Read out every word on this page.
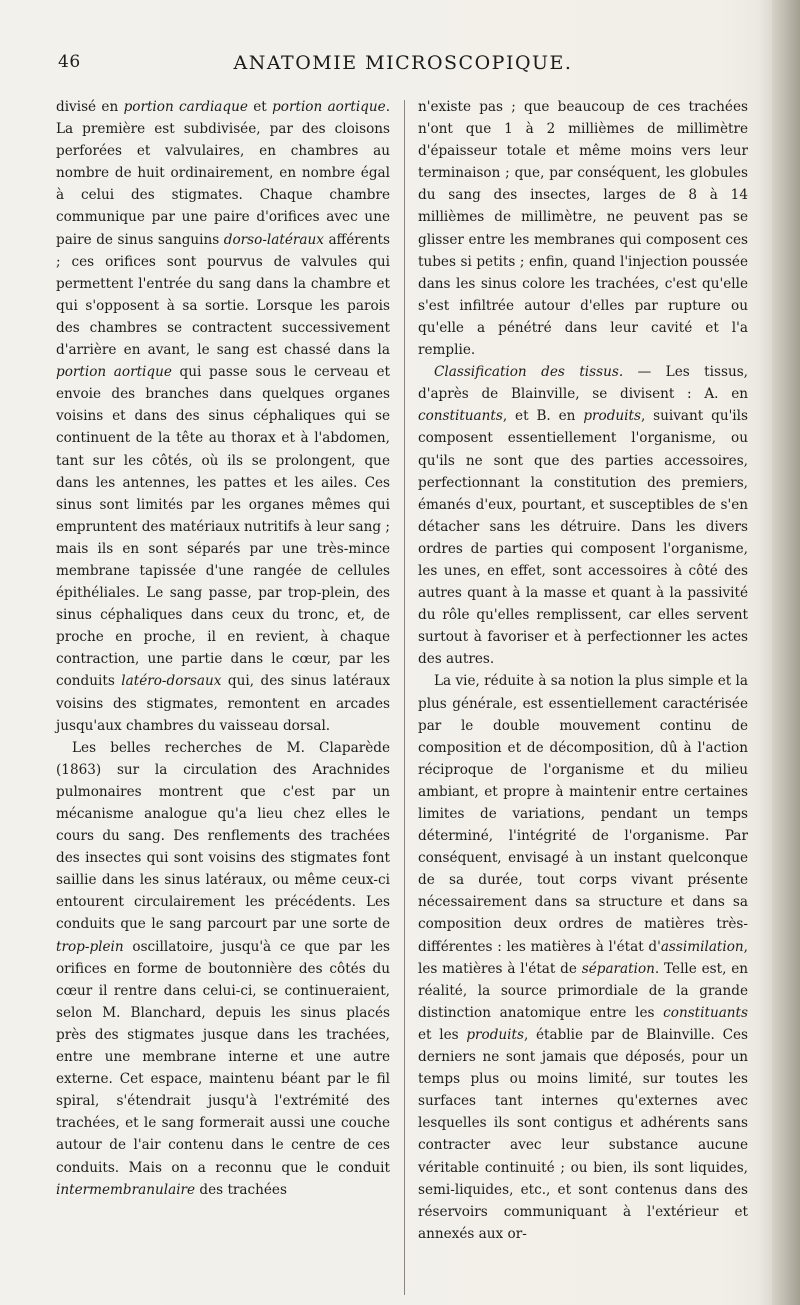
46	ANATOMIE MICROSCOPIQUE.

divisé en portion cardiaque et portion aortique. La première est subdivisée, par des cloisons perforées et valvulaires, en chambres au nombre de huit ordinairement, en nombre égal à celui des stigmates. Chaque chambre communique par une paire d'orifices avec une paire de sinus sanguins dorso-latéraux afférents ; ces orifices sont pourvus de valvules qui permettent l'entrée du sang dans la chambre et qui s'opposent à sa sortie. Lorsque les parois des chambres se contractent successivement d'arrière en avant, le sang est chassé dans la portion aortique qui passe sous le cerveau et envoie des branches dans quelques organes voisins et dans des sinus céphaliques qui se continuent de la tête au thorax et à l'abdomen, tant sur les côtés, où ils se prolongent, que dans les antennes, les pattes et les ailes. Ces sinus sont limités par les organes mêmes qui empruntent des matériaux nutritifs à leur sang ; mais ils en sont séparés par une très-mince membrane tapissée d'une rangée de cellules épithéliales. Le sang passe, par trop-plein, des sinus céphaliques dans ceux du tronc, et, de proche en proche, il en revient, à chaque contraction, une partie dans le cœur, par les conduits latéro-dorsaux qui, des sinus latéraux voisins des stigmates, remontent en arcades jusqu'aux chambres du vaisseau dorsal.

Les belles recherches de M. Claparède (1863) sur la circulation des Arachnides pulmonaires montrent que c'est par un mécanisme analogue qu'a lieu chez elles le cours du sang. Des renflements des trachées des insectes qui sont voisins des stigmates font saillie dans les sinus latéraux, ou même ceux-ci entourent circulairement les précédents. Les conduits que le sang parcourt par une sorte de trop-plein oscillatoire, jusqu'à ce que par les orifices en forme de boutonnière des côtés du cœur il rentre dans celui-ci, se continueraient, selon M. Blanchard, depuis les sinus placés près des stigmates jusque dans les trachées, entre une membrane interne et une autre externe. Cet espace, maintenu béant par le fil spiral, s'étendrait jusqu'à l'extrémité des trachées, et le sang formerait aussi une couche autour de l'air contenu dans le centre de ces conduits. Mais on a reconnu que le conduit intermembranulaire des trachées

n'existe pas ; que beaucoup de ces trachées n'ont que 1 à 2 millièmes de millimètre d'épaisseur totale et même moins vers leur terminaison ; que, par conséquent, les globules du sang des insectes, larges de 8 à 14 millièmes de millimètre, ne peuvent pas se glisser entre les membranes qui composent ces tubes si petits ; enfin, quand l'injection poussée dans les sinus colore les trachées, c'est qu'elle s'est infiltrée autour d'elles par rupture ou qu'elle a pénétré dans leur cavité et l'a remplie.

Classification des tissus. — Les tissus, d'après de Blainville, se divisent : A. en constituants, et B. en produits, suivant qu'ils composent essentiellement l'organisme, ou qu'ils ne sont que des parties accessoires, perfectionnant la constitution des premiers, émanés d'eux, pourtant, et susceptibles de s'en détacher sans les détruire. Dans les divers ordres de parties qui composent l'organisme, les unes, en effet, sont accessoires à côté des autres quant à la masse et quant à la passivité du rôle qu'elles remplissent, car elles servent surtout à favoriser et à perfectionner les actes des autres.

La vie, réduite à sa notion la plus simple et la plus générale, est essentiellement caractérisée par le double mouvement continu de composition et de décomposition, dû à l'action réciproque de l'organisme et du milieu ambiant, et propre à maintenir entre certaines limites de variations, pendant un temps déterminé, l'intégrité de l'organisme. Par conséquent, envisagé à un instant quelconque de sa durée, tout corps vivant présente nécessairement dans sa structure et dans sa composition deux ordres de matières très-différentes : les matières à l'état d'assimilation, les matières à l'état de séparation. Telle est, en réalité, la source primordiale de la grande distinction anatomique entre les constituants et les produits, établie par de Blainville. Ces derniers ne sont jamais que déposés, pour un temps plus ou moins limité, sur toutes les surfaces tant internes qu'externes avec lesquelles ils sont contigus et adhérents sans contracter avec leur substance aucune véritable continuité ; ou bien, ils sont liquides, semi-liquides, etc., et sont contenus dans des réservoirs communiquant à l'extérieur et annexés aux or-
